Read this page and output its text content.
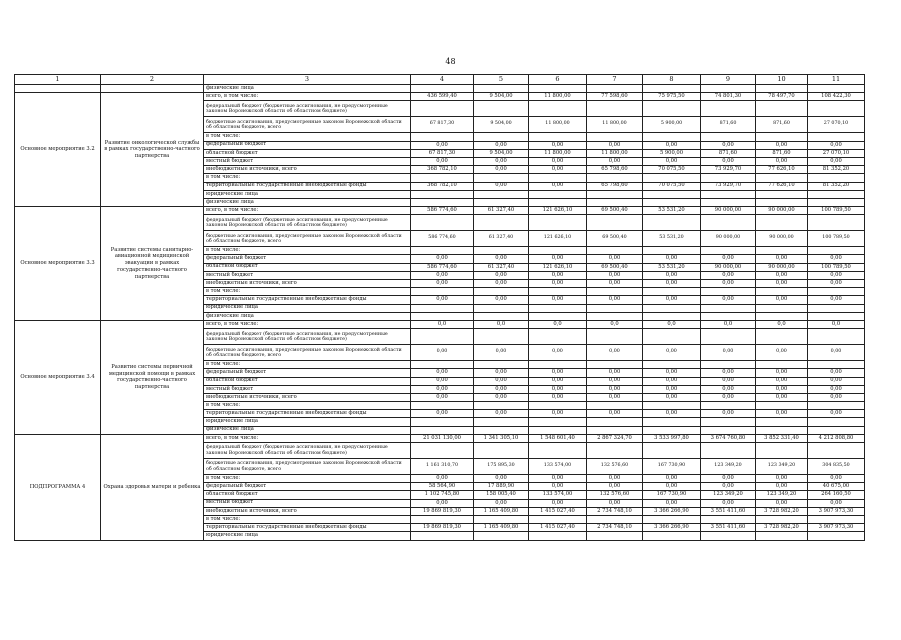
48
1	2	3	4	5	6	7	8	9	10	11
		физические лица								
Основное мероприятие 3.2	Развитие онкологической службы в рамках государственно-частного партнерства	всего, в том числе:	436 599,40	9 504,00	11 800,00	77 598,60	75 975,50	74 801,30	78 497,70	108 422,30
		федеральный бюджет (бюджетные ассигнования, не предусмотренные законом Воронежской области об областном бюджете)								
		бюджетные ассигнования, предусмотренные законом Воронежской области об областном бюджете, всего	67 817,30	9 504,00	11 800,00	11 800,00	5 900,00	871,60	871,60	27 070,10
		в том числе:								
		федеральный бюджет	0,00	0,00	0,00	0,00	0,00	0,00	0,00	0,00
		областной бюджет	67 817,30	9 504,00	11 800,00	11 800,00	5 900,00	871,60	871,60	27 070,10
		местный бюджет	0,00	0,00	0,00	0,00	0,00	0,00	0,00	0,00
		внебюджетные источники, всего	368 782,10	0,00	0,00	65 798,60	70 075,50	73 929,70	77 626,10	81 352,20
		в том числе:								
		территориальные государственные внебюджетные фонды	368 782,10	0,00	0,00	65 798,60	70 075,50	73 929,70	77 626,10	81 352,20
		юридические лица								
		физические лица								
Основное мероприятие 3.3	Развитие системы санитарно-авиационной медицинской эвакуации в рамках государственно-частного партнерства	всего, в том числе:	586 774,60	61 327,40	121 626,10	69 500,40	53 531,20	90 000,00	90 000,00	100 789,50
		федеральный бюджет (бюджетные ассигнования, не предусмотренные законом Воронежской области об областном бюджете)								
		бюджетные ассигнования, предусмотренные законом Воронежской области об областном бюджете, всего	586 774,60	61 327,40	121 626,10	69 500,40	53 531,20	90 000,00	90 000,00	100 789,50
		в том числе:								
		федеральный бюджет	0,00	0,00	0,00	0,00	0,00	0,00	0,00	0,00
		областной бюджет	586 774,60	61 327,40	121 626,10	69 500,40	53 531,20	90 000,00	90 000,00	100 789,50
		местный бюджет	0,00	0,00	0,00	0,00	0,00	0,00	0,00	0,00
		внебюджетные источники, всего	0,00	0,00	0,00	0,00	0,00	0,00	0,00	0,00
		в том числе:								
		территориальные государственные внебюджетные фонды	0,00	0,00	0,00	0,00	0,00	0,00	0,00	0,00
		юридические лица								
		физические лица								
Основное мероприятие 3.4	Развитие системы первичной медицинской помощи в рамках государственно-частного партнерства	всего, в том числе:	0,0	0,0	0,0	0,0	0,0	0,0	0,0	0,0
		федеральный бюджет (бюджетные ассигнования, не предусмотренные законом Воронежской области об областном бюджете)								
		бюджетные ассигнования, предусмотренные законом Воронежской области об областном бюджете, всего	0,00	0,00	0,00	0,00	0,00	0,00	0,00	0,00
		в том числе:								
		федеральный бюджет	0,00	0,00	0,00	0,00	0,00	0,00	0,00	0,00
		областной бюджет	0,00	0,00	0,00	0,00	0,00	0,00	0,00	0,00
		местный бюджет	0,00	0,00	0,00	0,00	0,00	0,00	0,00	0,00
		внебюджетные источники, всего	0,00	0,00	0,00	0,00	0,00	0,00	0,00	0,00
		в том числе:								
		территориальные государственные внебюджетные фонды	0,00	0,00	0,00	0,00	0,00	0,00	0,00	0,00
		юридические лица								
		физические лица								
ПОДПРОГРАММА 4	Охрана здоровья матери и ребенка	всего, в том числе:	21 031 130,00	1 341 305,10	1 548 601,40	2 867 324,70	3 533 997,80	3 674 760,80	3 852 331,40	4 212 808,80
		федеральный бюджет (бюджетные ассигнования, не предусмотренные законом Воронежской области об областном бюджете)								
		бюджетные ассигнования, предусмотренные законом Воронежской области об областном бюджете, всего	1 161 310,70	175 895,30	133 574,00	132 576,60	167 730,90	123 349,20	123 349,20	304 835,50
		в том числе:	0,00	0,00	0,00	0,00	0,00	0,00	0,00	0,00
		федеральный бюджет	58 564,90	17 889,90	0,00	0,00	0,00	0,00	0,00	40 675,00
		областной бюджет	1 102 745,80	158 005,40	133 574,00	132 576,60	167 730,90	123 349,20	123 349,20	264 160,50
		местный бюджет	0,00	0,00	0,00	0,00	0,00	0,00	0,00	0,00
		внебюджетные источники, всего	19 869 819,30	1 165 409,80	1 415 027,40	2 734 748,10	3 366 266,90	3 551 411,60	3 728 982,20	3 907 973,30
		в том числе:								
		территориальные государственные внебюджетные фонды	19 869 819,30	1 165 409,80	1 415 027,40	2 734 748,10	3 366 266,90	3 551 411,60	3 728 982,20	3 907 973,30
		юридические лица								
